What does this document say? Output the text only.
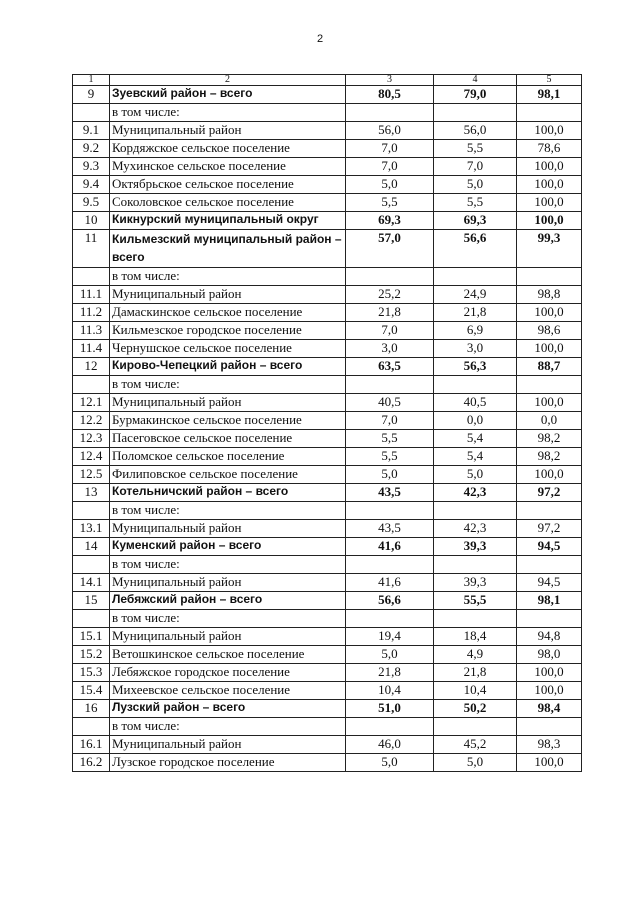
2
1	2	3	4	5
9	Зуевский район – всего	80,5	79,0	98,1
	в том числе:			
9.1	Муниципальный район	56,0	56,0	100,0
9.2	Кордяжское сельское поселение	7,0	5,5	78,6
9.3	Мухинское сельское поселение	7,0	7,0	100,0
9.4	Октябрьское сельское поселение	5,0	5,0	100,0
9.5	Соколовское сельское поселение	5,5	5,5	100,0
10	Кикнурский муниципальный округ	69,3	69,3	100,0
11	Кильмезский муниципальный район – всего	57,0	56,6	99,3
	в том числе:			
11.1	Муниципальный район	25,2	24,9	98,8
11.2	Дамаскинское сельское поселение	21,8	21,8	100,0
11.3	Кильмезское городское поселение	7,0	6,9	98,6
11.4	Чернушское сельское поселение	3,0	3,0	100,0
12	Кирово-Чепецкий район – всего	63,5	56,3	88,7
	в том числе:			
12.1	Муниципальный район	40,5	40,5	100,0
12.2	Бурмакинское сельское поселение	7,0	0,0	0,0
12.3	Пасеговское сельское поселение	5,5	5,4	98,2
12.4	Поломское сельское поселение	5,5	5,4	98,2
12.5	Филиповское сельское поселение	5,0	5,0	100,0
13	Котельничский район – всего	43,5	42,3	97,2
	в том числе:			
13.1	Муниципальный район	43,5	42,3	97,2
14	Куменский район – всего	41,6	39,3	94,5
	в том числе:			
14.1	Муниципальный район	41,6	39,3	94,5
15	Лебяжский район – всего	56,6	55,5	98,1
	в том числе:			
15.1	Муниципальный район	19,4	18,4	94,8
15.2	Ветошкинское сельское поселение	5,0	4,9	98,0
15.3	Лебяжское городское поселение	21,8	21,8	100,0
15.4	Михеевское сельское поселение	10,4	10,4	100,0
16	Лузский район – всего	51,0	50,2	98,4
	в том числе:			
16.1	Муниципальный район	46,0	45,2	98,3
16.2	Лузское городское поселение	5,0	5,0	100,0
